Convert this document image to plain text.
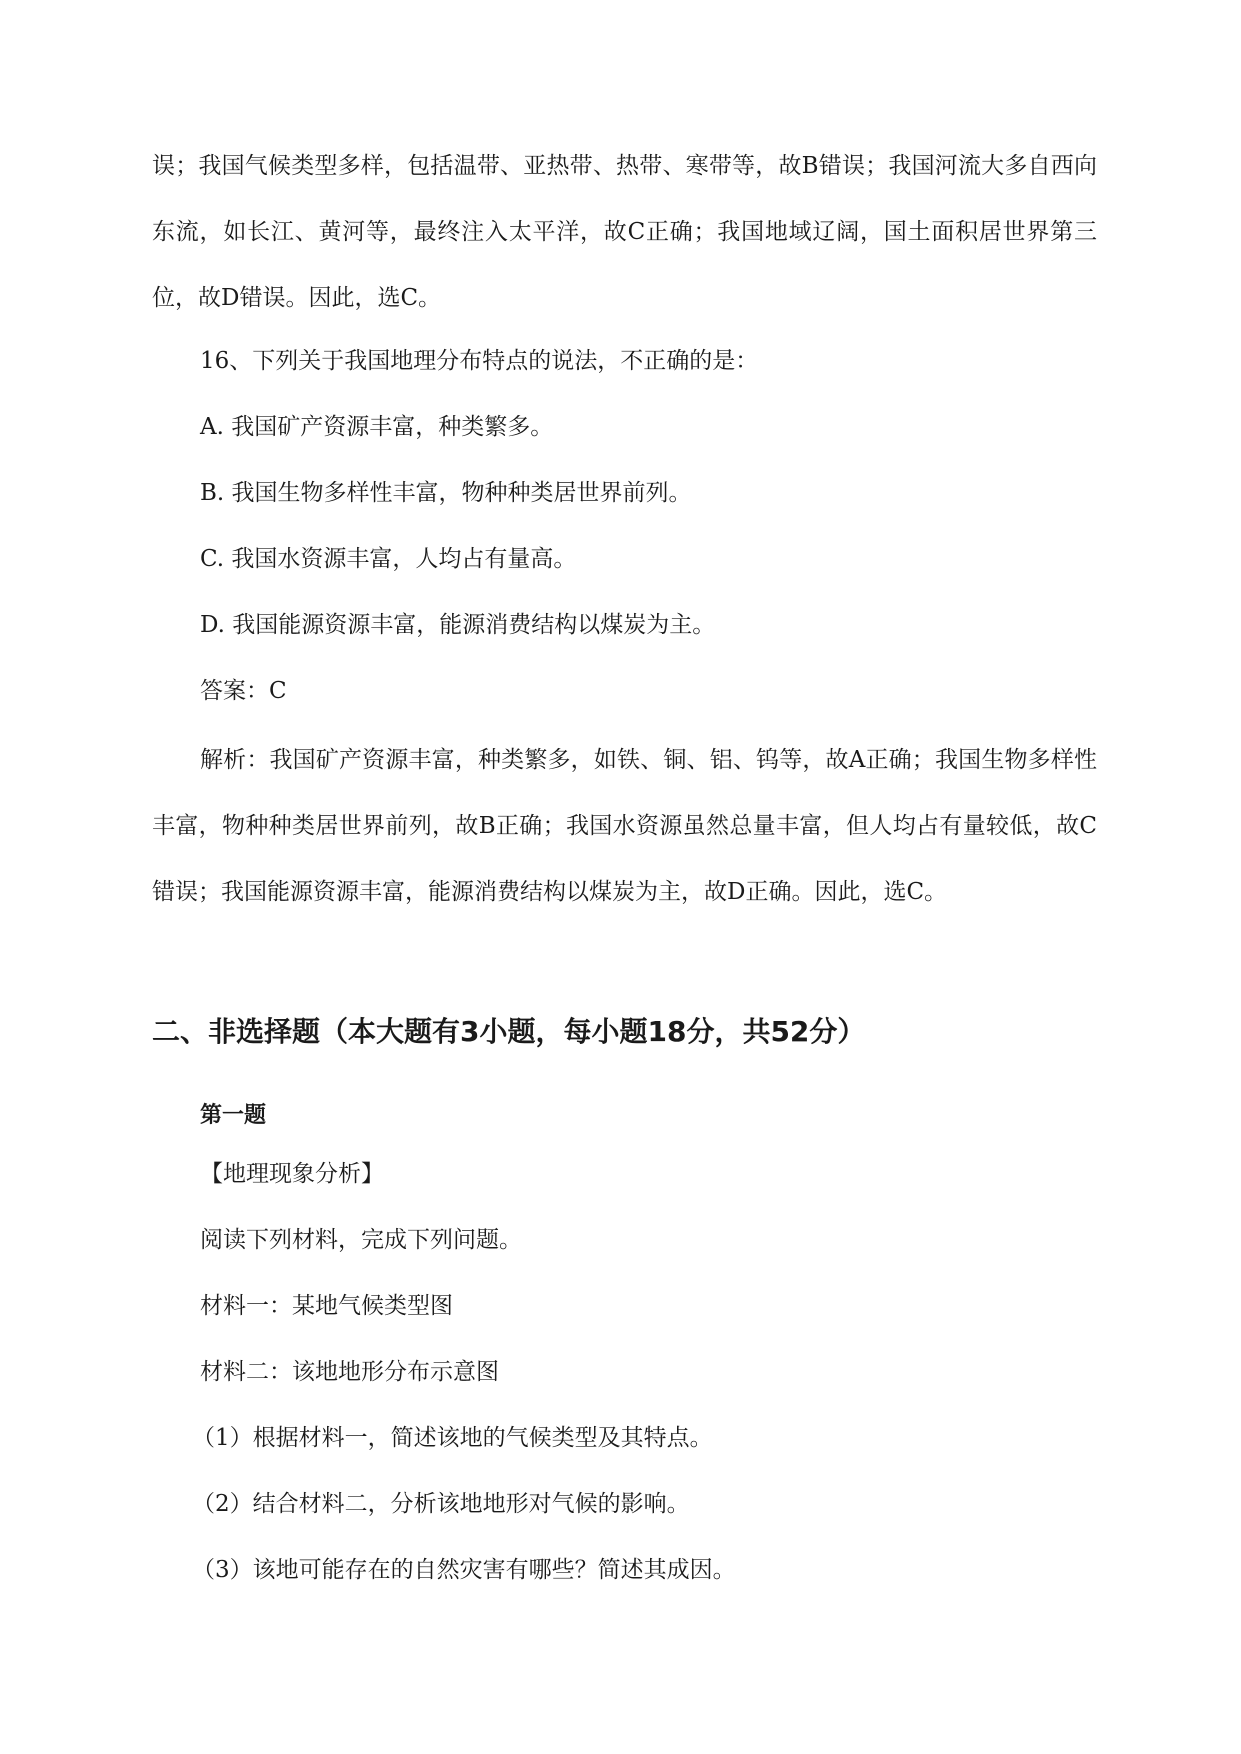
误；我国气候类型多样，包括温带、亚热带、热带、寒带等，故B错误；我国河流大多自西向东流，如长江、黄河等，最终注入太平洋，故C正确；我国地域辽阔，国土面积居世界第三位，故D错误。因此，选C。

16、下列关于我国地理分布特点的说法，不正确的是：

A. 我国矿产资源丰富，种类繁多。

B. 我国生物多样性丰富，物种种类居世界前列。

C. 我国水资源丰富，人均占有量高。

D. 我国能源资源丰富，能源消费结构以煤炭为主。

答案：C

解析：我国矿产资源丰富，种类繁多，如铁、铜、铝、钨等，故A正确；我国生物多样性丰富，物种种类居世界前列，故B正确；我国水资源虽然总量丰富，但人均占有量较低，故C错误；我国能源资源丰富，能源消费结构以煤炭为主，故D正确。因此，选C。

二、非选择题（本大题有3小题，每小题18分，共52分）
第一题

【地理现象分析】

阅读下列材料，完成下列问题。

材料一：某地气候类型图

材料二：该地地形分布示意图

（1）根据材料一，简述该地的气候类型及其特点。

（2）结合材料二，分析该地地形对气候的影响。

（3）该地可能存在的自然灾害有哪些？简述其成因。
